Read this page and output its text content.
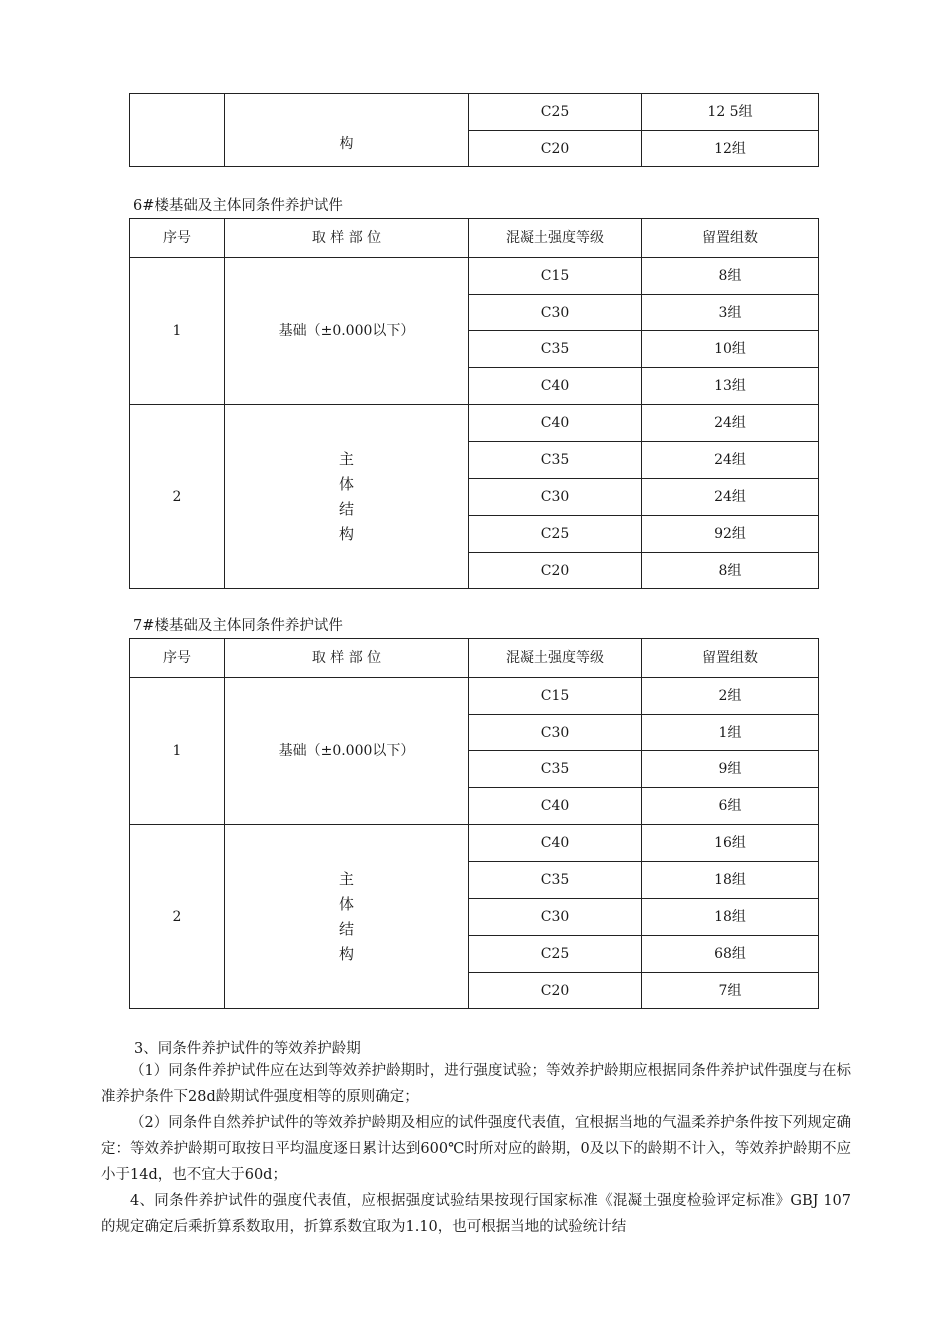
	构	C25	12 5组
		C20	12组
6#楼基础及主体同条件养护试件
序号	取 样 部 位	混凝土强度等级	留置组数
1	基础（±0.000以下）	C15	8组
		C30	3组
		C35	10组
		C40	13组
2	主
体
结
构	C40	24组
		C35	24组
		C30	24组
		C25	92组
		C20	8组
7#楼基础及主体同条件养护试件
序号	取 样 部 位	混凝土强度等级	留置组数
1	基础（±0.000以下）	C15	2组
		C30	1组
		C35	9组
		C40	6组
2	主
体
结
构	C40	16组
		C35	18组
		C30	18组
		C25	68组
		C20	7组
3、同条件养护试件的等效养护龄期

（1）同条件养护试件应在达到等效养护龄期时，进行强度试验；等效养护龄期应根据同条件养护试件强度与在标准养护条件下28d龄期试件强度相等的原则确定；

（2）同条件自然养护试件的等效养护龄期及相应的试件强度代表值，宜根据当地的气温柔养护条件按下列规定确定：等效养护龄期可取按日平均温度逐日累计达到600℃时所对应的龄期，0及以下的龄期不计入，等效养护龄期不应小于14d，也不宜大于60d；

4、同条件养护试件的强度代表值，应根据强度试验结果按现行国家标准《混凝土强度检验评定标准》GBJ 107的规定确定后乘折算系数取用，折算系数宜取为1.10，也可根据当地的试验统计结
